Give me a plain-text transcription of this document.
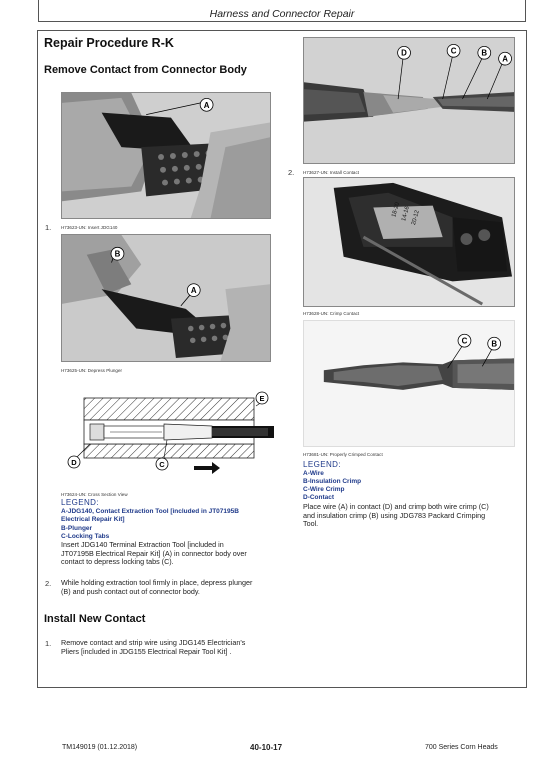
Harness and Connector Repair
Repair Procedure R-K
Remove Contact from Connector Body
A
1. H73623-UN: Insert JDG140
B
A
H73625-UN: Depress Plunger
D
E
C
H73624-UN: Cross Section View
LEGEND:
A-JDG140, Contact Extraction Tool [included in JT07195B
Electrical Repair Kit]
B-Plunger
C-Locking Tabs
Insert JDG140 Terminal Extraction Tool [included in
JT07195B Electrical Repair Kit] (A) in connector body over
contact to depress locking tabs (C).
2. While holding extraction tool firmly in place, depress plunger
(B) and push contact out of connector body.
Install New Contact
1. Remove contact and strip wire using JDG145 Electrician's
Pliers [included in JDG155 Electrical Repair Tool Kit] .
D	C	B
A
2. H73627-UN: Install Contact
18-20 14-16 20-12
H73628-UN: Crimp Contact
C	B
H73681-UN: Properly Crimped Contact
LEGEND:
A-Wire
B-Insulation Crimp
C-Wire Crimp
D-Contact
Place wire (A) in contact (D) and crimp both wire crimp (C)
and insulation crimp (B) using JDG783 Packard Crimping
Tool.
TM149019 (01.12.2018)	40-10-17	700 Series Corn Heads
